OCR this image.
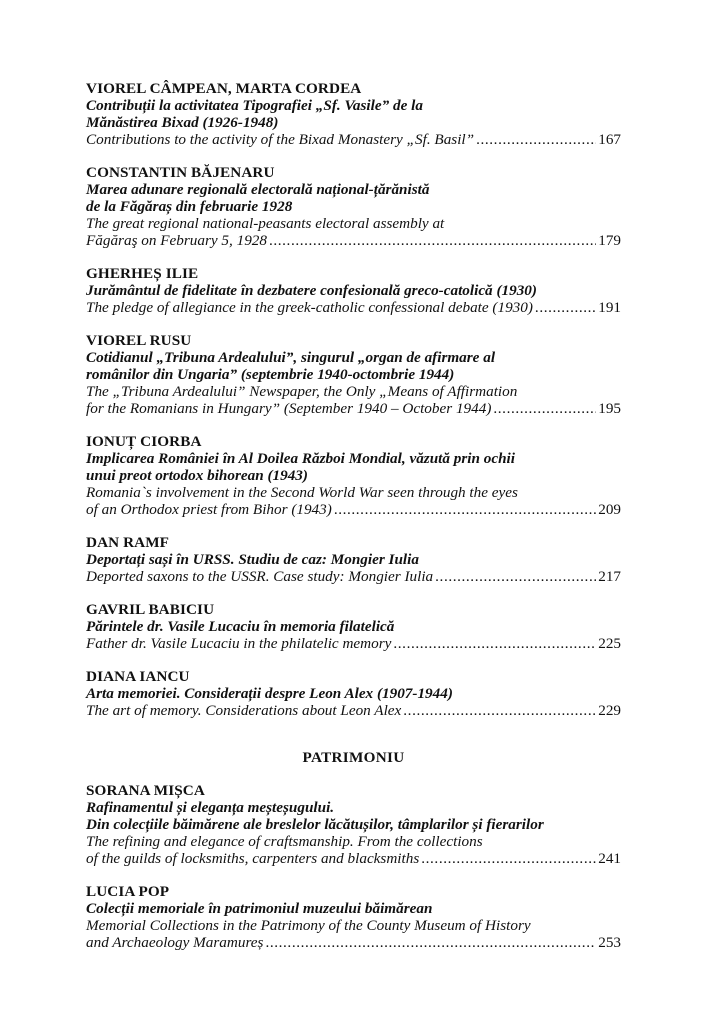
VIOREL CÂMPEAN, MARTA CORDEA
Contribuții la activitatea Tipografiei „Sf. Vasile” de la
Mănăstirea Bixad (1926-1948)
Contributions to the activity of the Bixad Monastery „Sf. Basil” . . .	167
CONSTANTIN BĂJENARU
Marea adunare regională electorală național-țărănistă
de la Făgăraș din februarie 1928
The great regional national-peasants electoral assembly at
Făgăraş on February 5, 1928 . . .	179
GHERHEȘ ILIE
Jurământul de fidelitate în dezbatere confesională greco-catolică (1930)
The pledge of allegiance in the greek-catholic confessional debate (1930) . . .	191
VIOREL RUSU
Cotidianul „Tribuna Ardealului”, singurul „organ de afirmare al
românilor din Ungaria” (septembrie 1940-octombrie 1944)
The „Tribuna Ardealului” Newspaper, the Only „Means of Affirmation
for the Romanians in Hungary” (September 1940 – October 1944) . . .	195
IONUȚ CIORBA
Implicarea României în Al Doilea Război Mondial, văzută prin ochii
unui preot ortodox bihorean (1943)
Romania`s involvement in the Second World War seen through the eyes
of an Orthodox priest from Bihor (1943) . . .	209
DAN RAMF
Deportați sași în URSS. Studiu de caz: Mongier Iulia
Deported saxons to the USSR. Case study: Mongier Iulia . . .	217
GAVRIL BABICIU
Părintele dr. Vasile Lucaciu în memoria filatelică
Father dr. Vasile Lucaciu in the philatelic memory . . .	225
DIANA IANCU
Arta memoriei. Considerații despre Leon Alex (1907-1944)
The art of memory. Considerations about Leon Alex . . .	229
PATRIMONIU
SORANA MIȘCA
Rafinamentul și eleganța meșteșugului.
Din colecțiile băimărene ale breslelor lăcătușilor, tâmplarilor și fierarilor
The refining and elegance of craftsmanship. From the collections
of the guilds of locksmiths, carpenters and blacksmiths . . .	241
LUCIA POP
Colecții memoriale în patrimoniul muzeului băimărean
Memorial Collections in the Patrimony of the County Museum of History
and Archaeology Maramureș . . .	253
